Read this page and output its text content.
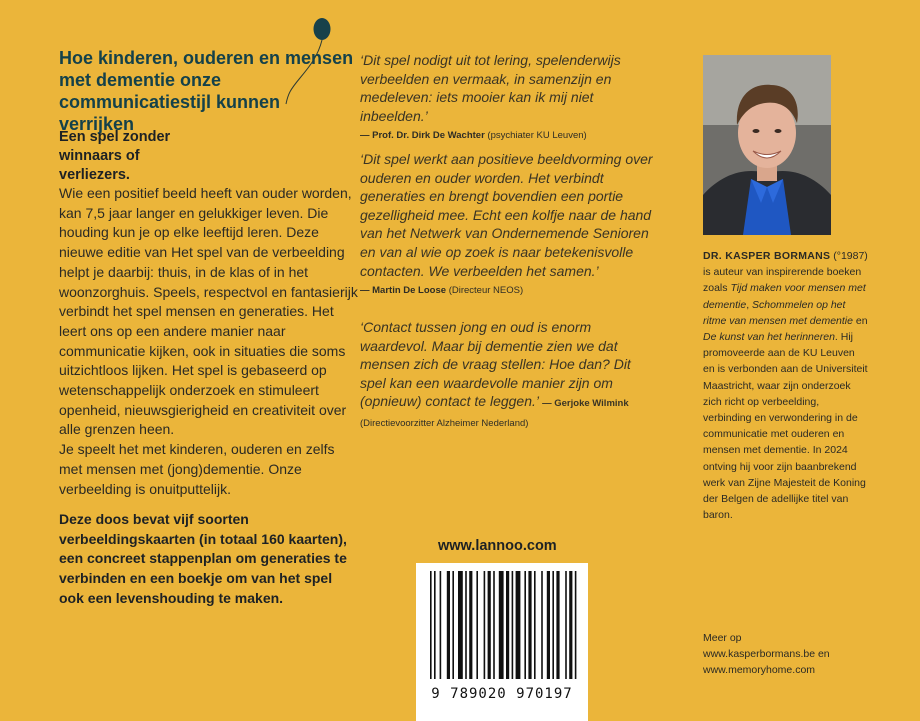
Hoe kinderen, ouderen en mensen met dementie onze communicatiestijl kunnen verrijken
Een spel zonder winnaars of verliezers.

Wie een positief beeld heeft van ouder worden, kan 7,5 jaar langer en gelukkiger leven. Die houding kun je op elke leeftijd leren. Deze nieuwe editie van Het spel van de verbeelding helpt je daarbij: thuis, in de klas of in het woonzorghuis. Speels, respectvol en fantasierijk verbindt het spel mensen en generaties. Het leert ons op een andere manier naar communicatie kijken, ook in situaties die soms uitzichtloos lijken. Het spel is gebaseerd op wetenschappelijk onderzoek en stimuleert openheid, nieuwsgierigheid en creativiteit over alle grenzen heen.

Je speelt het met kinderen, ouderen en zelfs met mensen met (jong)dementie. Onze verbeelding is onuitputtelijk.

Deze doos bevat vijf soorten verbeeldingskaarten (in totaal 160 kaarten), een concreet stappenplan om generaties te verbinden en een boekje om van het spel ook een levenshouding te maken.

‘Dit spel nodigt uit tot lering, spelenderwijs verbeelden en vermaak, in samenzijn en medeleven: iets mooier kan ik mij niet inbeelden.’

— Prof. Dr. Dirk De Wachter (psychiater KU Leuven)

‘Dit spel werkt aan positieve beeldvorming over ouderen en ouder worden. Het verbindt generaties en brengt bovendien een portie gezelligheid mee. Echt een kolfje naar de hand van het Netwerk van Ondernemende Senioren en van al wie op zoek is naar betekenisvolle contacten. We verbeelden het samen.’

— Martin De Loose (Directeur NEOS)

‘Contact tussen jong en oud is enorm waardevol. Maar bij dementie zien we dat mensen zich de vraag stellen: Hoe dan? Dit spel kan een waardevolle manier zijn om (opnieuw) contact te leggen.’ — Gerjoke Wilmink

(Directievoorzitter Alzheimer Nederland)
www.lannoo.com
9 789020 970197
DR. KASPER BORMANS (°1987) is auteur van inspirerende boeken zoals Tijd maken voor mensen met dementie, Schommelen op het ritme van mensen met dementie en De kunst van het herinneren. Hij promoveerde aan de KU Leuven en is verbonden aan de Universiteit Maastricht, waar zijn onderzoek zich richt op verbeelding, verbinding en verwondering in de communicatie met ouderen en mensen met dementie. In 2024 ontving hij voor zijn baanbrekend werk van Zijne Majesteit de Koning der Belgen de adellijke titel van baron.

Meer op

www.kasperbormans.be en

www.memoryhome.com
